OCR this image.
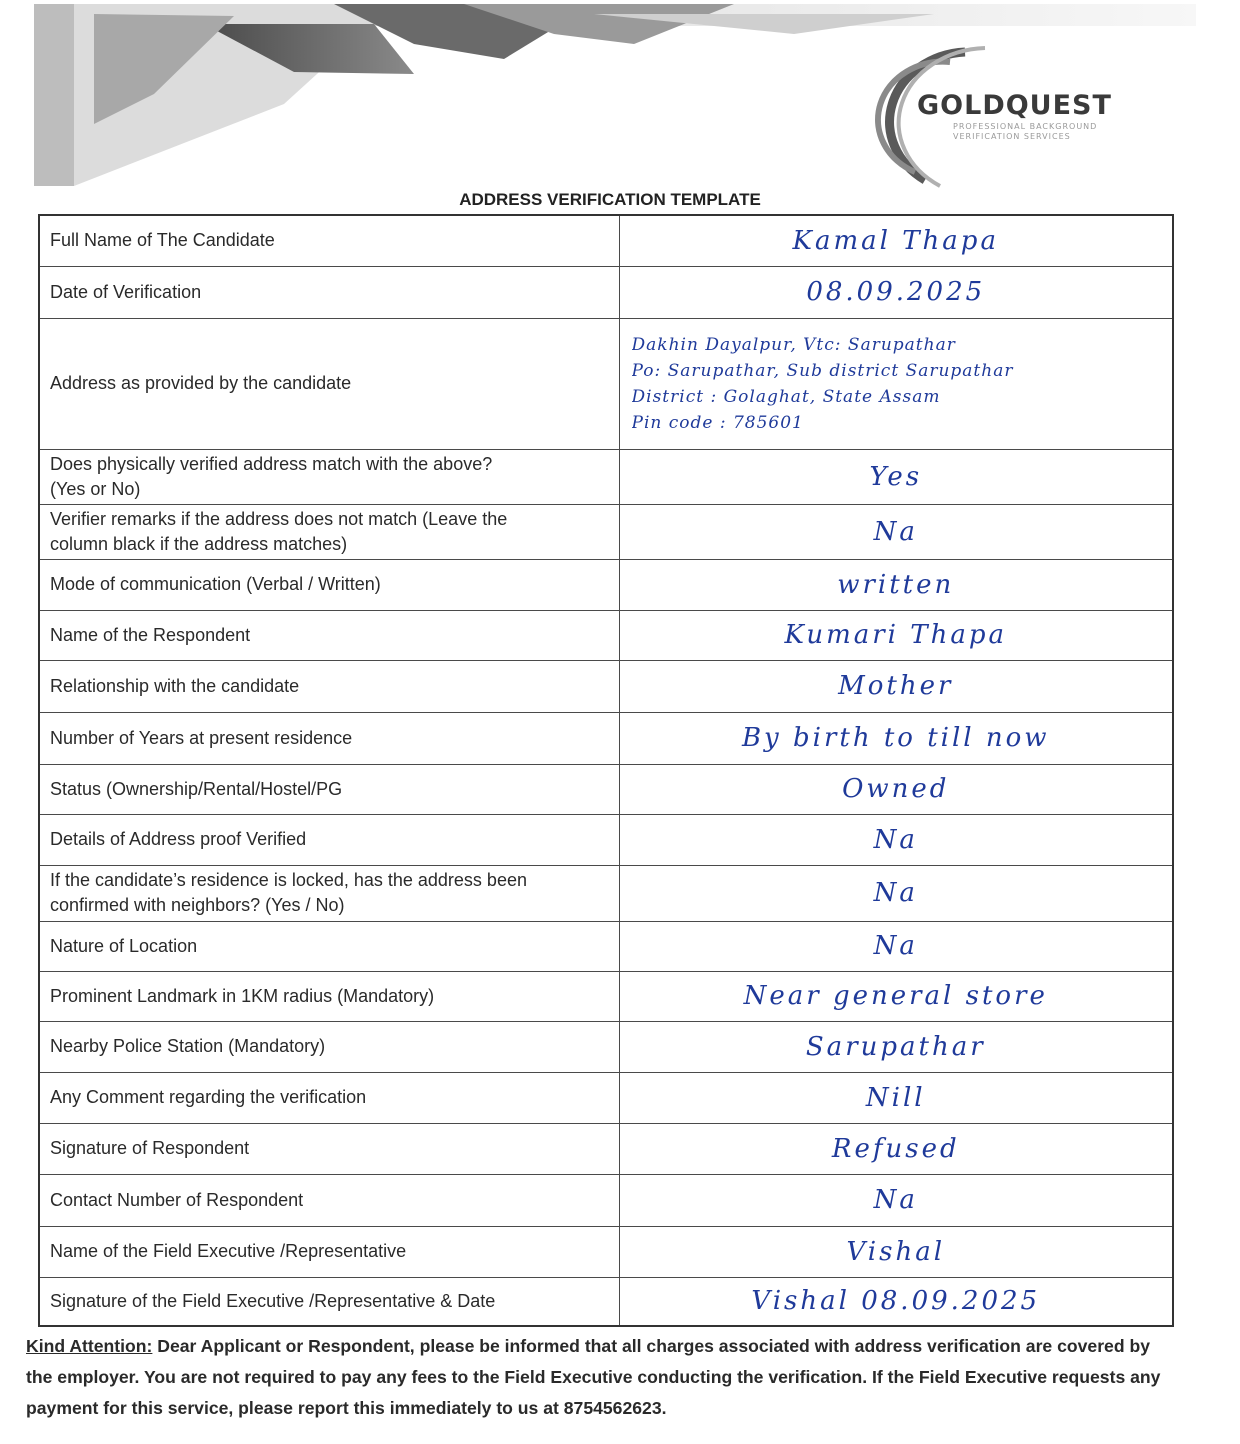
GOLDQUEST
PROFESSIONAL BACKGROUND
VERIFICATION SERVICES
ADDRESS VERIFICATION TEMPLATE
Full Name of The Candidate	Kamal Thapa
Date of Verification	08.09.2025
Address as provided by the candidate	Dakhin Dayalpur, Vtc: Sarupathar
Po: Sarupathar, Sub district Sarupathar
District : Golaghat, State Assam
Pin code : 785601

Does physically verified address match with the above?
(Yes or No)	Yes

Verifier remarks if the address does not match (Leave the
column black if the address matches)	Na
Mode of communication (Verbal / Written)	written
Name of the Respondent	Kumari Thapa
Relationship with the candidate	Mother
Number of Years at present residence	By birth to till now
Status (Ownership/Rental/Hostel/PG	Owned
Details of Address proof Verified	Na

If the candidate’s residence is locked, has the address been
confirmed with neighbors? (Yes / No)	Na
Nature of Location	Na
Prominent Landmark in 1KM radius (Mandatory)	Near general store
Nearby Police Station (Mandatory)	Sarupathar
Any Comment regarding the verification	Nill
Signature of Respondent	Refused
Contact Number of Respondent	Na
Name of the Field Executive /Representative	Vishal
Signature of the Field Executive /Representative & Date	Vishal 08.09.2025
Kind Attention: Dear Applicant or Respondent, please be informed that all charges associated with address verification are covered by the employer. You are not required to pay any fees to the Field Executive conducting the verification. If the Field Executive requests any payment for this service, please report this immediately to us at 8754562623.
